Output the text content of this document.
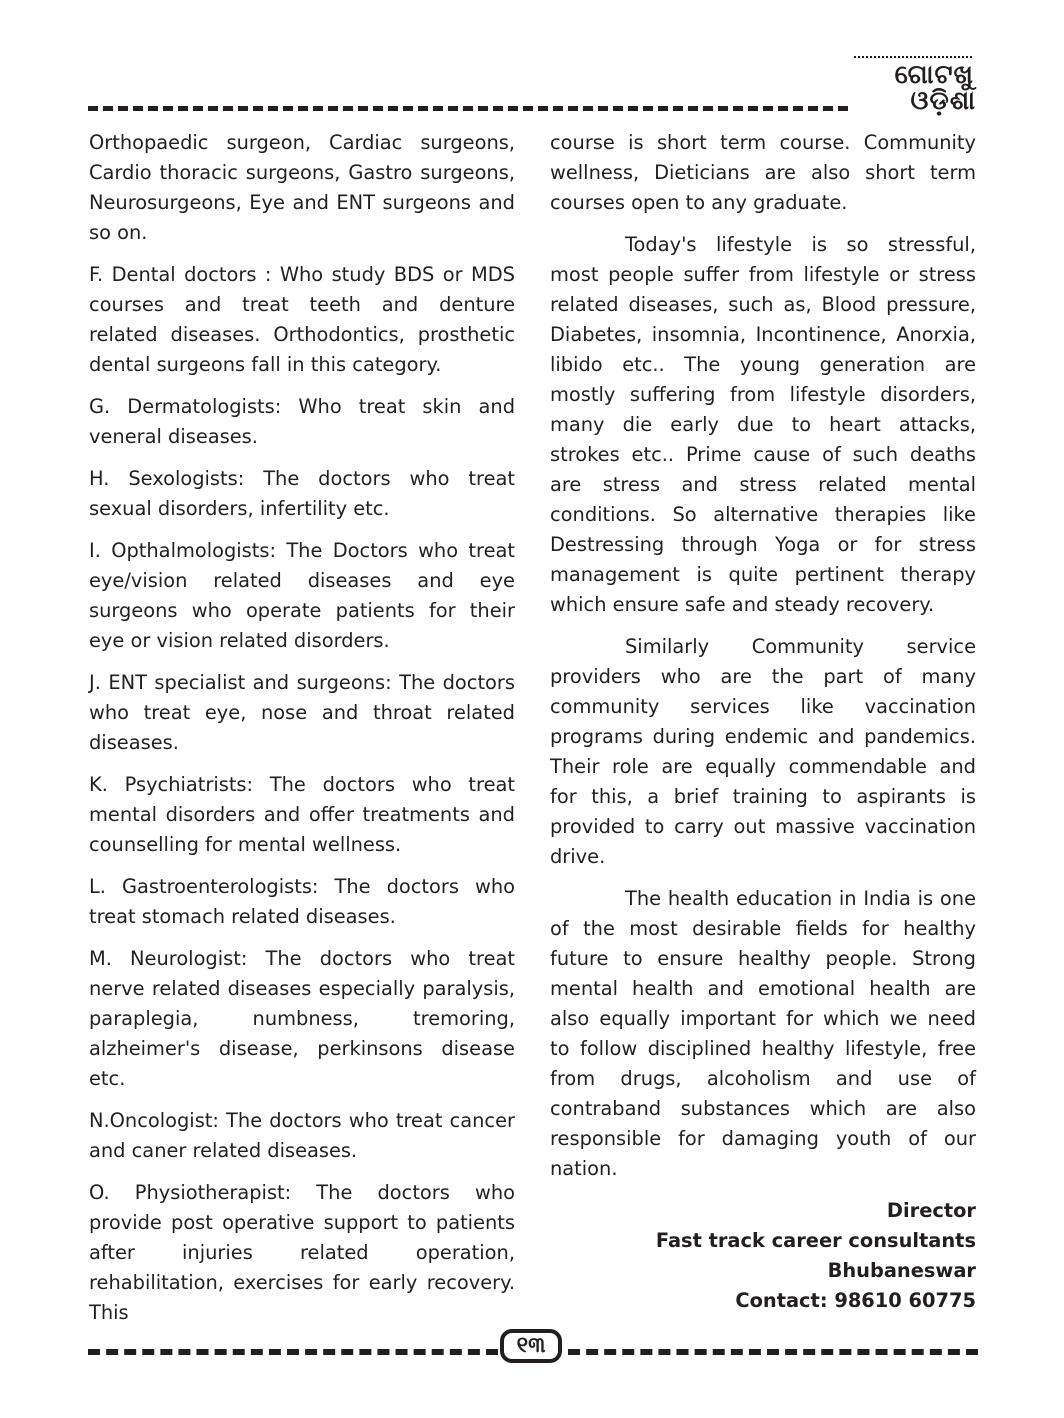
ଗୋଟଖୁ
ଓଡ଼ିଶା

Orthopaedic surgeon, Cardiac surgeons, Cardio thoracic surgeons, Gastro surgeons, Neurosurgeons, Eye and ENT surgeons and so on.

F. Dental doctors : Who study BDS or MDS courses and treat teeth and denture related diseases. Orthodontics, prosthetic dental surgeons fall in this category.

G. Dermatologists: Who treat skin and veneral diseases.

H. Sexologists: The doctors who treat sexual disorders, infertility etc.

I. Opthalmologists: The Doctors who treat eye/vision related diseases and eye surgeons who operate patients for their eye or vision related disorders.

J. ENT specialist and surgeons: The doctors who treat eye, nose and throat related diseases.

K. Psychiatrists: The doctors who treat mental disorders and offer treatments and counselling for mental wellness.

L. Gastroenterologists: The doctors who treat stomach related diseases.

M. Neurologist: The doctors who treat nerve related diseases especially paralysis, paraplegia, numbness, tremoring, alzheimer's disease, perkinsons disease etc.

N.Oncologist: The doctors who treat cancer and caner related diseases.

O. Physiotherapist: The doctors who provide post operative support to patients after injuries related operation, rehabilitation, exercises for early recovery. This

course is short term course. Community wellness, Dieticians are also short term courses open to any graduate.

Today's lifestyle is so stressful, most people suffer from lifestyle or stress related diseases, such as, Blood pressure, Diabetes, insomnia, Incontinence, Anorxia, libido etc.. The young generation are mostly suffering from lifestyle disorders, many die early due to heart attacks, strokes etc.. Prime cause of such deaths are stress and stress related mental conditions. So alternative therapies like Destressing through Yoga or for stress management is quite pertinent therapy which ensure safe and steady recovery.

Similarly Community service providers who are the part of many community services like vaccination programs during endemic and pandemics. Their role are equally commendable and for this, a brief training to aspirants is provided to carry out massive vaccination drive.

The health education in India is one of the most desirable fields for healthy future to ensure healthy people. Strong mental health and emotional health are also equally important for which we need to follow disciplined healthy lifestyle, free from drugs, alcoholism and use of contraband substances which are also responsible for damaging youth of our nation.

Director
Fast track career consultants
Bhubaneswar
Contact: 98610 60775
୧୩
